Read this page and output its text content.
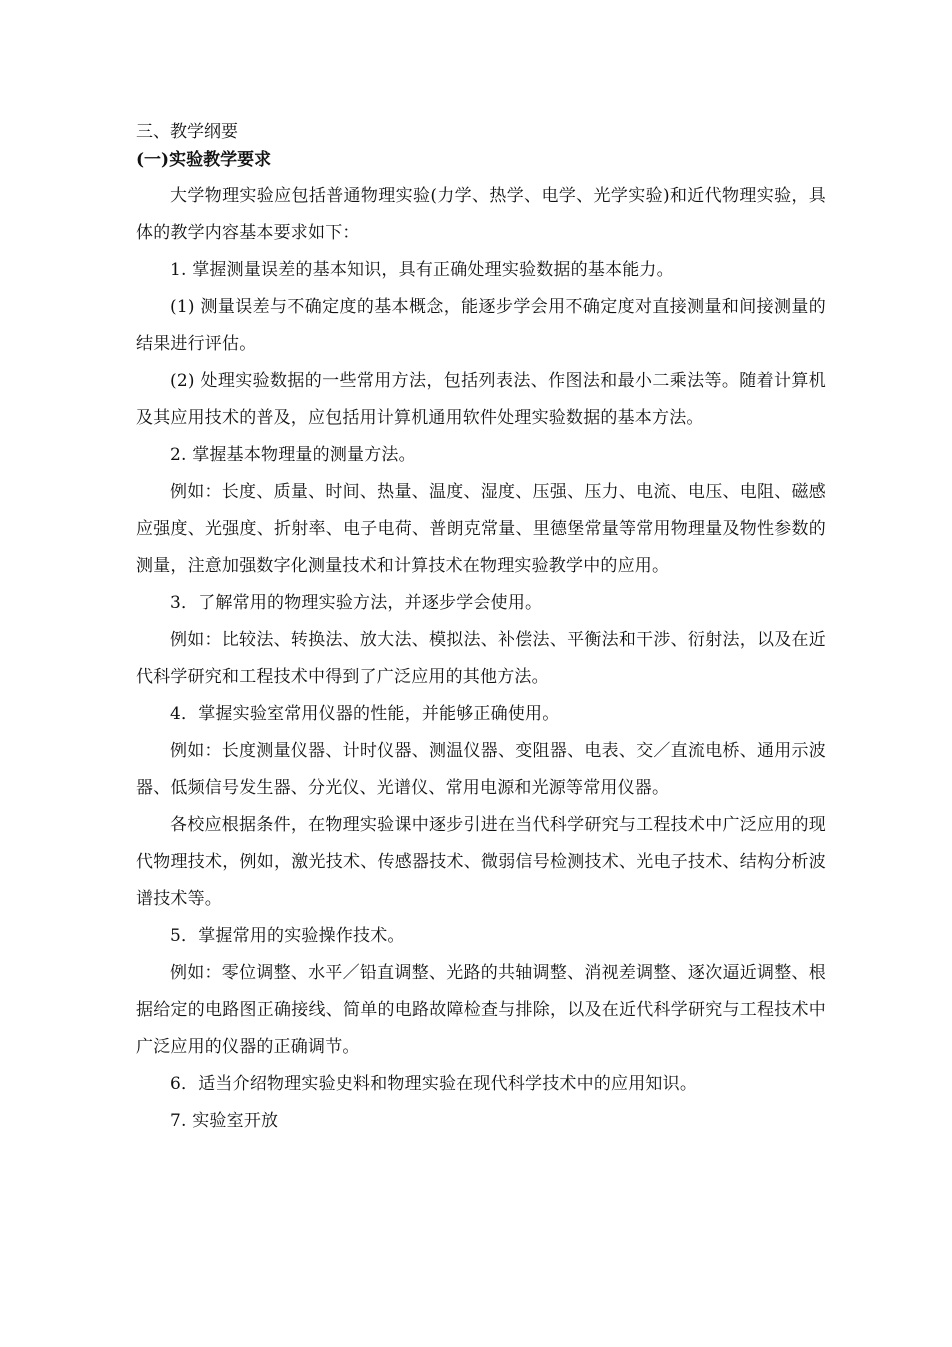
三、教学纲要

(一)实验教学要求

大学物理实验应包括普通物理实验(力学、热学、电学、光学实验)和近代物理实验，具体的教学内容基本要求如下：

1. 掌握测量误差的基本知识，具有正确处理实验数据的基本能力。

(1) 测量误差与不确定度的基本概念，能逐步学会用不确定度对直接测量和间接测量的结果进行评估。

(2) 处理实验数据的一些常用方法，包括列表法、作图法和最小二乘法等。随着计算机及其应用技术的普及，应包括用计算机通用软件处理实验数据的基本方法。

2. 掌握基本物理量的测量方法。

例如：长度、质量、时间、热量、温度、湿度、压强、压力、电流、电压、电阻、磁感应强度、光强度、折射率、电子电荷、普朗克常量、里德堡常量等常用物理量及物性参数的测量，注意加强数字化测量技术和计算技术在物理实验教学中的应用。

3．了解常用的物理实验方法，并逐步学会使用。

例如：比较法、转换法、放大法、模拟法、补偿法、平衡法和干涉、衍射法，以及在近代科学研究和工程技术中得到了广泛应用的其他方法。

4．掌握实验室常用仪器的性能，并能够正确使用。

例如：长度测量仪器、计时仪器、测温仪器、变阻器、电表、交／直流电桥、通用示波器、低频信号发生器、分光仪、光谱仪、常用电源和光源等常用仪器。

各校应根据条件，在物理实验课中逐步引进在当代科学研究与工程技术中广泛应用的现代物理技术，例如，激光技术、传感器技术、微弱信号检测技术、光电子技术、结构分析波谱技术等。

5．掌握常用的实验操作技术。

例如：零位调整、水平／铅直调整、光路的共轴调整、消视差调整、逐次逼近调整、根据给定的电路图正确接线、简单的电路故障检查与排除，以及在近代科学研究与工程技术中广泛应用的仪器的正确调节。

6．适当介绍物理实验史料和物理实验在现代科学技术中的应用知识。

7. 实验室开放
